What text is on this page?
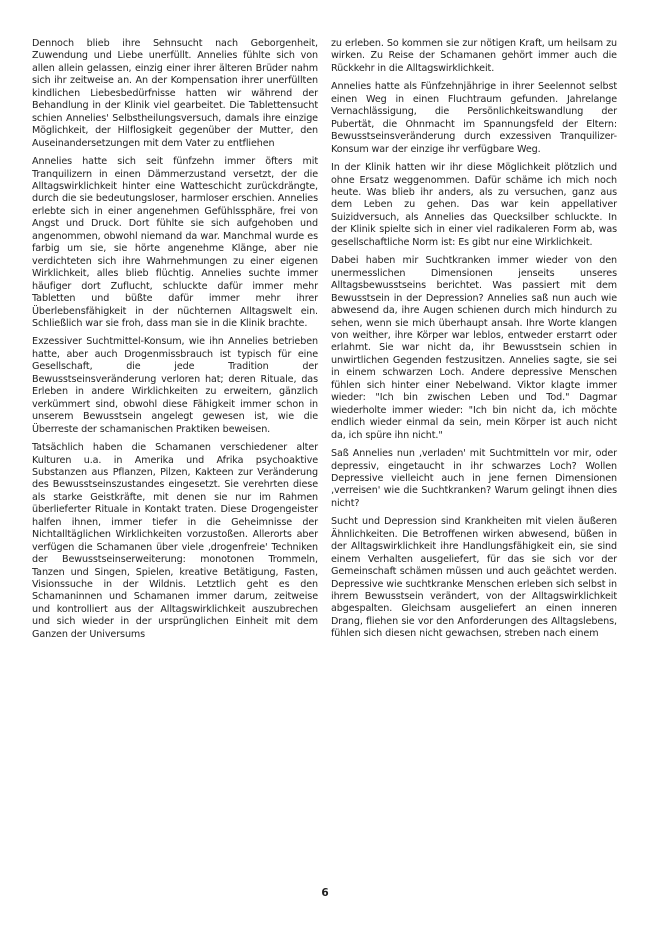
Dennoch blieb ihre Sehnsucht nach Geborgenheit, Zuwendung und Liebe unerfüllt. Annelies fühlte sich von allen allein gelassen, einzig einer ihrer älteren Brüder nahm sich ihr zeitweise an. An der Kompensation ihrer unerfüllten kindlichen Liebesbedürfnisse hatten wir während der Behandlung in der Klinik viel gearbeitet. Die Tablettensucht schien Annelies' Selbstheilungsversuch, damals ihre einzige Möglichkeit, der Hilflosigkeit gegenüber der Mutter, den Auseinandersetzungen mit dem Vater zu entfliehen

Annelies hatte sich seit fünfzehn immer öfters mit Tranquilizern in einen Dämmerzustand versetzt, der die Alltagswirklichkeit hinter eine Watteschicht zurückdrängte, durch die sie bedeutungsloser, harmloser erschien. Annelies erlebte sich in einer angenehmen Gefühlssphäre, frei von Angst und Druck. Dort fühlte sie sich aufgehoben und angenommen, obwohl niemand da war. Manchmal wurde es farbig um sie, sie hörte angenehme Klänge, aber nie verdichteten sich ihre Wahrnehmungen zu einer eigenen Wirklichkeit, alles blieb flüchtig. Annelies suchte immer häufiger dort Zuflucht, schluckte dafür immer mehr Tabletten und büßte dafür immer mehr ihrer Überlebensfähigkeit in der nüchternen Alltagswelt ein. Schließlich war sie froh, dass man sie in die Klinik brachte.

Exzessiver Suchtmittel-Konsum, wie ihn Annelies betrieben hatte, aber auch Drogenmissbrauch ist typisch für eine Gesellschaft, die jede Tradition der Bewusstseinsveränderung verloren hat; deren Rituale, das Erleben in andere Wirklichkeiten zu erweitern, gänzlich verkümmert sind, obwohl diese Fähigkeit immer schon in unserem Bewusstsein angelegt gewesen ist, wie die Überreste der schamanischen Praktiken beweisen.

Tatsächlich haben die Schamanen verschiedener alter Kulturen u.a. in Amerika und Afrika psychoaktive Substanzen aus Pflanzen, Pilzen, Kakteen zur Veränderung des Bewusstseinszustandes eingesetzt. Sie verehrten diese als starke Geistkräfte, mit denen sie nur im Rahmen überlieferter Rituale in Kontakt traten. Diese Drogengeister halfen ihnen, immer tiefer in die Geheimnisse der Nichtalltäglichen Wirklichkeiten vorzustoßen. Allerorts aber verfügen die Schamanen über viele ‚drogenfreie' Techniken der Bewusstseinserweiterung: monotonen Trommeln, Tanzen und Singen, Spielen, kreative Betätigung, Fasten, Visionssuche in der Wildnis. Letztlich geht es den Schamaninnen und Schamanen immer darum, zeitweise und kontrolliert aus der Alltagswirklichkeit auszubrechen und sich wieder in der ursprünglichen Einheit mit dem Ganzen der Universums

zu erleben. So kommen sie zur nötigen Kraft, um heilsam zu wirken. Zu Reise der Schamanen gehört immer auch die Rückkehr in die Alltagswirklichkeit.

Annelies hatte als Fünfzehnjährige in ihrer Seelennot selbst einen Weg in einen Fluchtraum gefunden. Jahrelange Vernachlässigung, die Persönlichkeitswandlung der Pubertät, die Ohnmacht im Spannungsfeld der Eltern: Bewusstseinsveränderung durch exzessiven Tranquilizer-Konsum war der einzige ihr verfügbare Weg.

In der Klinik hatten wir ihr diese Möglichkeit plötzlich und ohne Ersatz weggenommen. Dafür schäme ich mich noch heute. Was blieb ihr anders, als zu versuchen, ganz aus dem Leben zu gehen. Das war kein appellativer Suizidversuch, als Annelies das Quecksilber schluckte. In der Klinik spielte sich in einer viel radikaleren Form ab, was gesellschaftliche Norm ist: Es gibt nur eine Wirklichkeit.

Dabei haben mir Suchtkranken immer wieder von den unermesslichen Dimensionen jenseits unseres Alltagsbewusstseins berichtet. Was passiert mit dem Bewusstsein in der Depression? Annelies saß nun auch wie abwesend da, ihre Augen schienen durch mich hindurch zu sehen, wenn sie mich überhaupt ansah. Ihre Worte klangen von weither, ihre Körper war leblos, entweder erstarrt oder erlahmt. Sie war nicht da, ihr Bewusstsein schien in unwirtlichen Gegenden festzusitzen. Annelies sagte, sie sei in einem schwarzen Loch. Andere depressive Menschen fühlen sich hinter einer Nebelwand. Viktor klagte immer wieder: "Ich bin zwischen Leben und Tod." Dagmar wiederholte immer wieder: "Ich bin nicht da, ich möchte endlich wieder einmal da sein, mein Körper ist auch nicht da, ich spüre ihn nicht."

Saß Annelies nun ‚verladen' mit Suchtmitteln vor mir, oder depressiv, eingetaucht in ihr schwarzes Loch? Wollen Depressive vielleicht auch in jene fernen Dimensionen ‚verreisen' wie die Suchtkranken? Warum gelingt ihnen dies nicht?

Sucht und Depression sind Krankheiten mit vielen äußeren Ähnlichkeiten. Die Betroffenen wirken abwesend, büßen in der Alltagswirklichkeit ihre Handlungsfähigkeit ein, sie sind einem Verhalten ausgeliefert, für das sie sich vor der Gemeinschaft schämen müssen und auch geächtet werden. Depressive wie suchtkranke Menschen erleben sich selbst in ihrem Bewusstsein verändert, von der Alltagswirklichkeit abgespalten. Gleichsam ausgeliefert an einen inneren Drang, fliehen sie vor den Anforderungen des Alltagslebens, fühlen sich diesen nicht gewachsen, streben nach einem

6
